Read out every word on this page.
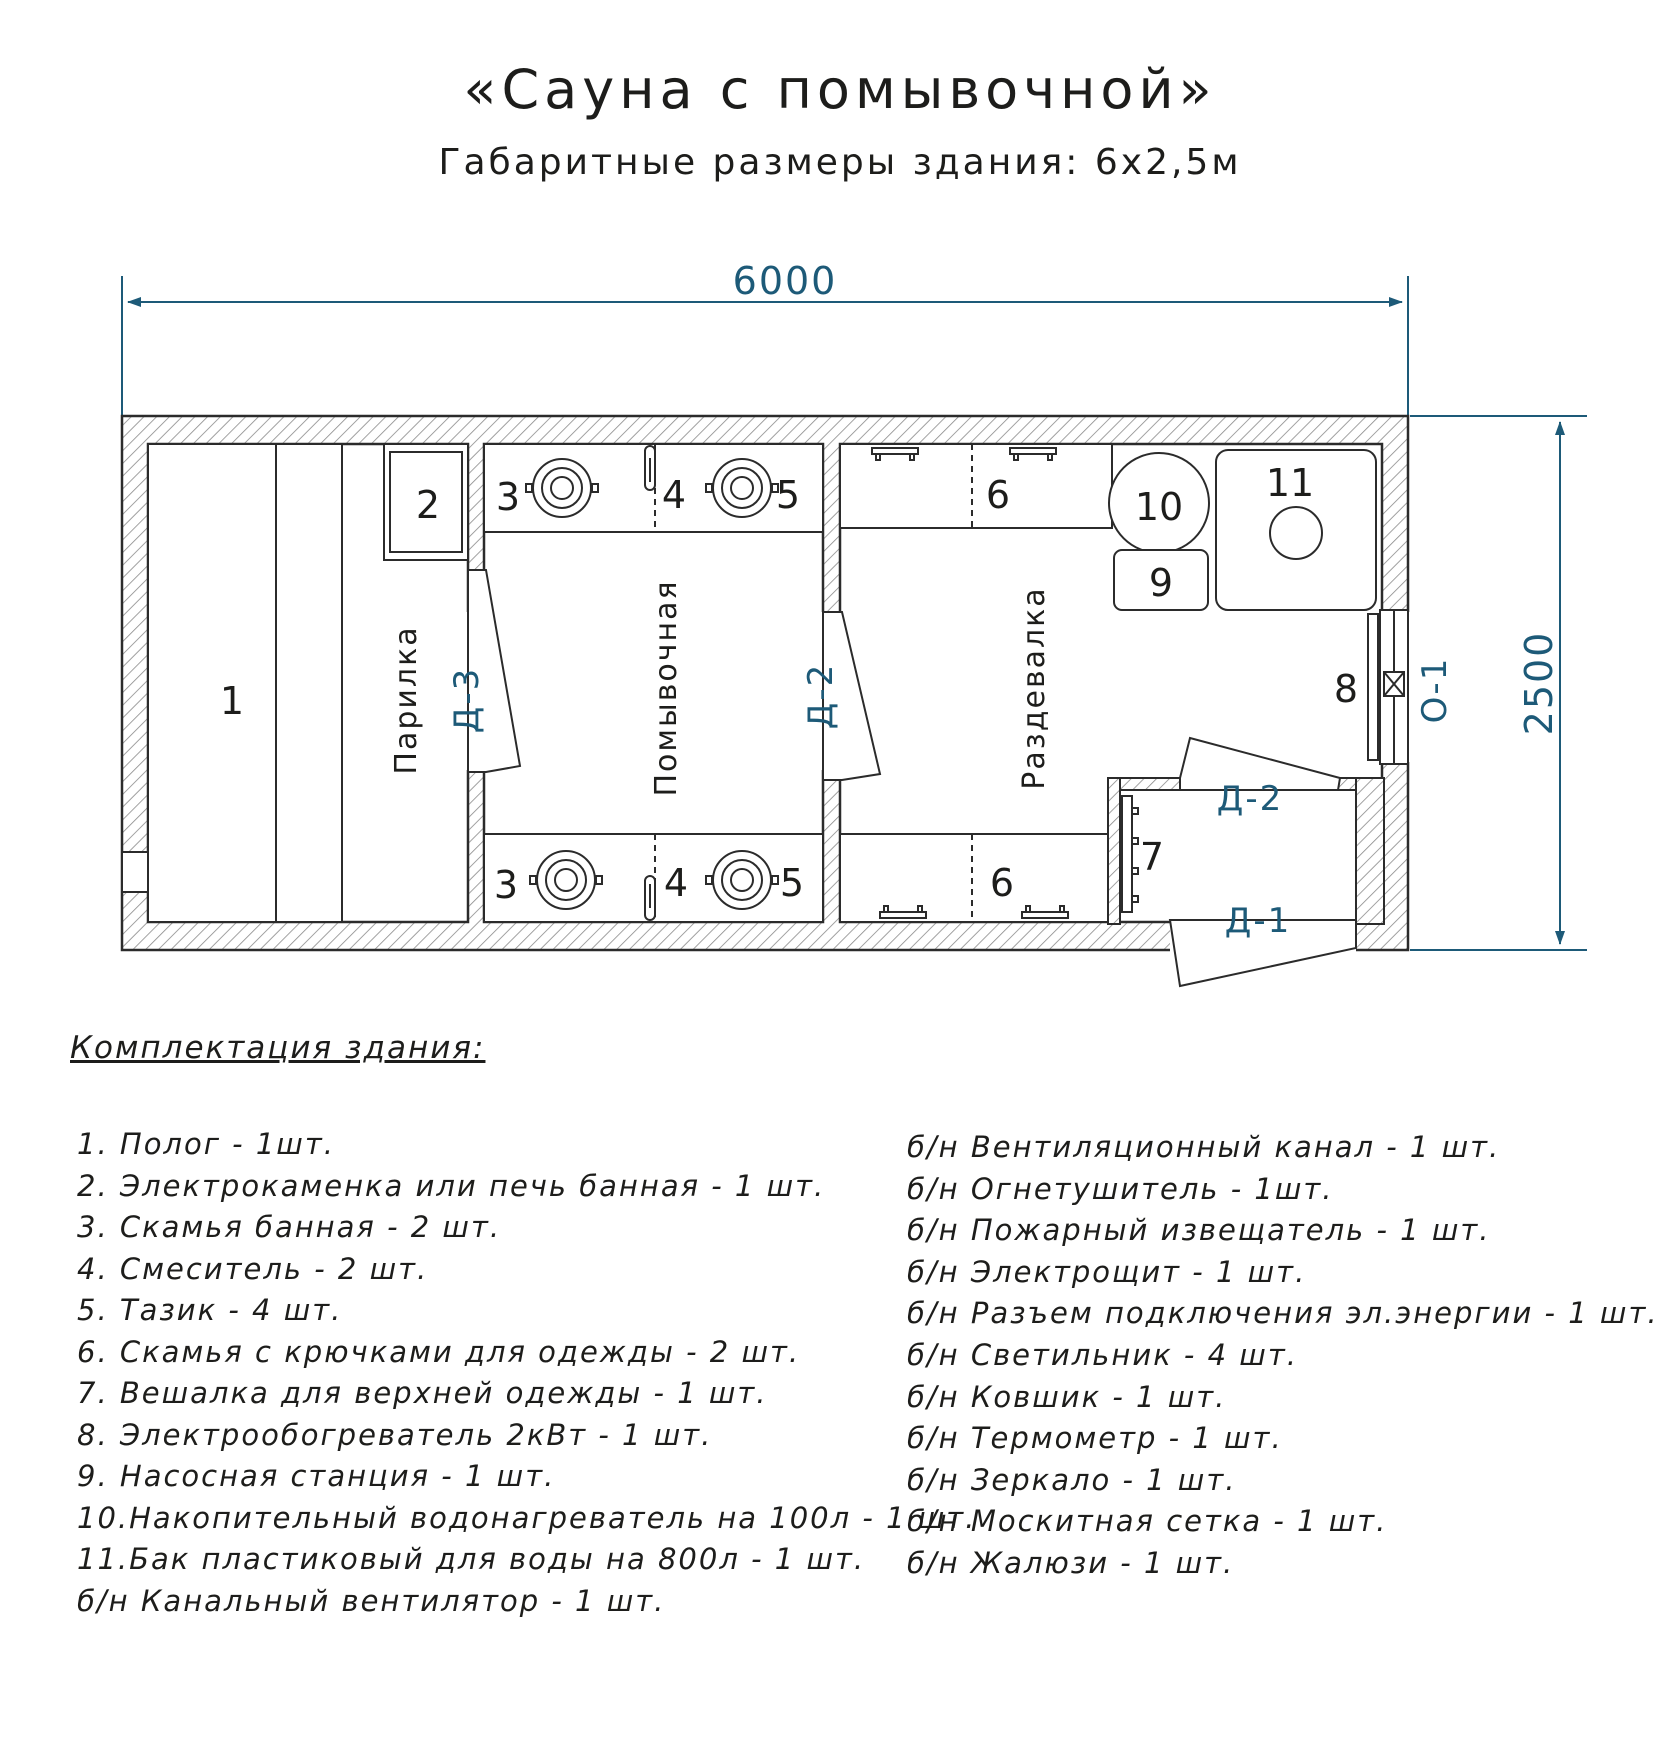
«Сауна с помывочной»
Габаритные размеры здания: 6х2,5м
6000
2500
Парилка	Помывочная	Раздевалка
Д-3	Д-2
Д-2
Д-1
О-1
1
2 3	4 5
3	4 5
6
6
7
8
9
10
11
Комплектация здания:
1. Полог - 1шт.
2. Электрокаменка или печь банная - 1 шт.
3. Скамья банная - 2 шт.
4. Смеситель - 2 шт.
5. Тазик - 4 шт.
6. Скамья с крючками для одежды - 2 шт.
7. Вешалка для верхней одежды - 1 шт.
8. Электрообогреватель 2кВт - 1 шт.
9. Насосная станция - 1 шт.
10.Накопительный водонагреватель на 100л - 1 шт.
11.Бак пластиковый для воды на 800л - 1 шт.
б/н Канальный вентилятор - 1 шт.
б/н Вентиляционный канал - 1 шт.
б/н Огнетушитель - 1шт.
б/н Пожарный извещатель - 1 шт.
б/н Электрощит - 1 шт.
б/н Разъем подключения эл.энергии - 1 шт.
б/н Светильник - 4 шт.
б/н Ковшик - 1 шт.
б/н Термометр - 1 шт.
б/н Зеркало - 1 шт.
б/н Москитная сетка - 1 шт.
б/н Жалюзи - 1 шт.
